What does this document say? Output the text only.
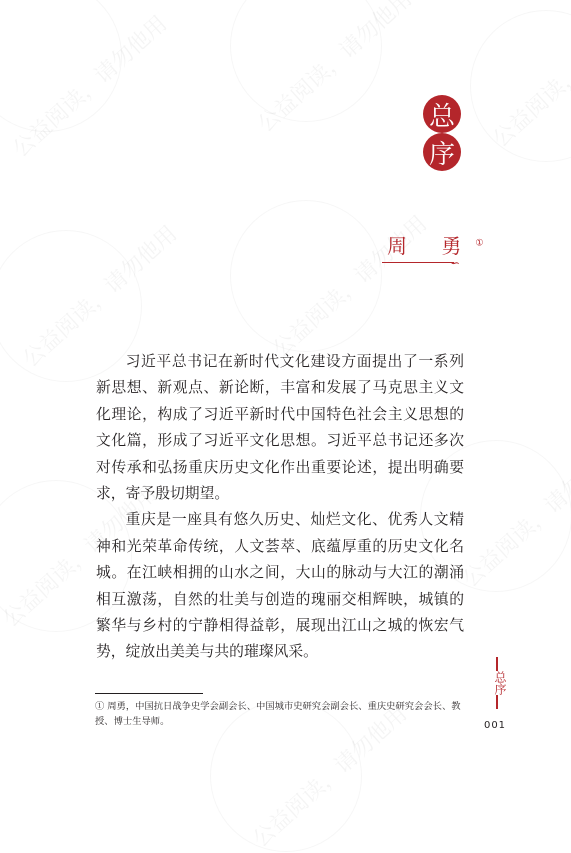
总
序
周 勇①
∽

习近平总书记在新时代文化建设方面提出了一系列新思想、新观点、新论断，丰富和发展了马克思主义文化理论，构成了习近平新时代中国特色社会主义思想的文化篇，形成了习近平文化思想。习近平总书记还多次对传承和弘扬重庆历史文化作出重要论述，提出明确要求，寄予殷切期望。

重庆是一座具有悠久历史、灿烂文化、优秀人文精神和光荣革命传统，人文荟萃、底蕴厚重的历史文化名城。在江峡相拥的山水之间，大山的脉动与大江的潮涌相互激荡，自然的壮美与创造的瑰丽交相辉映，城镇的繁华与乡村的宁静相得益彰，展现出江山之城的恢宏气势，绽放出美美与共的璀璨风采。

① 周勇，中国抗日战争史学会副会长、中国城市史研究会副会长、重庆史研究会会长、教授、博士生导师。
总序
001
